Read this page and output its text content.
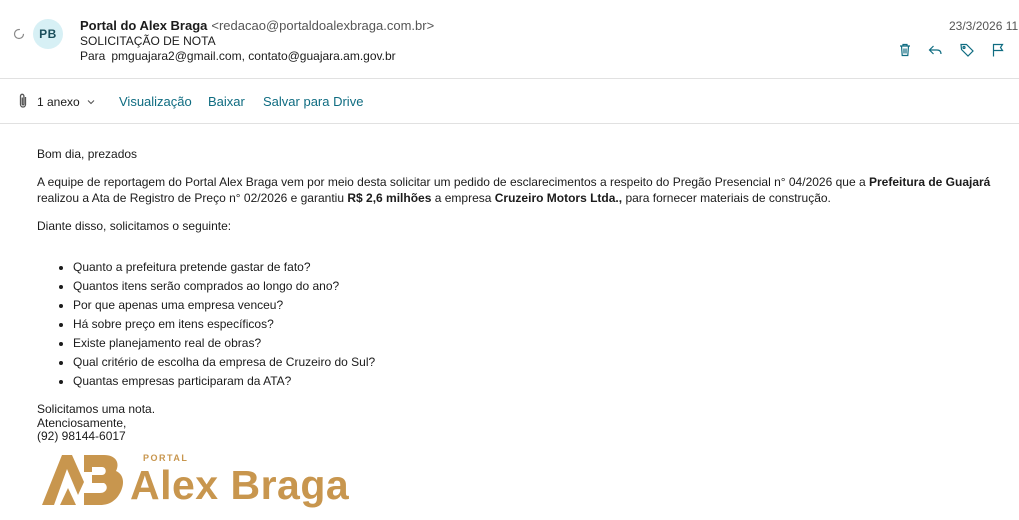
PB
Portal do Alex Braga <redacao@portaldoalexbraga.com.br>
SOLICITAÇÃO DE NOTA
Para pmguajara2@gmail.com, contato@guajara.am.gov.br
23/3/2026 11
1 anexo	Visualização Baixar Salvar para Drive

Bom dia, prezados

A equipe de reportagem do Portal Alex Braga vem por meio desta solicitar um pedido de esclarecimentos a respeito do Pregão Presencial n° 04/2026 que a Prefeitura de Guajará realizou a Ata de Registro de Preço n° 02/2026 e garantiu R$ 2,6 milhões a empresa Cruzeiro Motors Ltda., para fornecer materiais de construção.

Diante disso, solicitamos o seguinte:

• Quanto a prefeitura pretende gastar de fato?
• Quantos itens serão comprados ao longo do ano?
• Por que apenas uma empresa venceu?
• Há sobre preço em itens específicos?
• Existe planejamento real de obras?
• Qual critério de escolha da empresa de Cruzeiro do Sul?
• Quantas empresas participaram da ATA?

Solicitamos uma nota.

Atenciosamente,
(92) 98144-6017

PORTAL
Alex Braga
